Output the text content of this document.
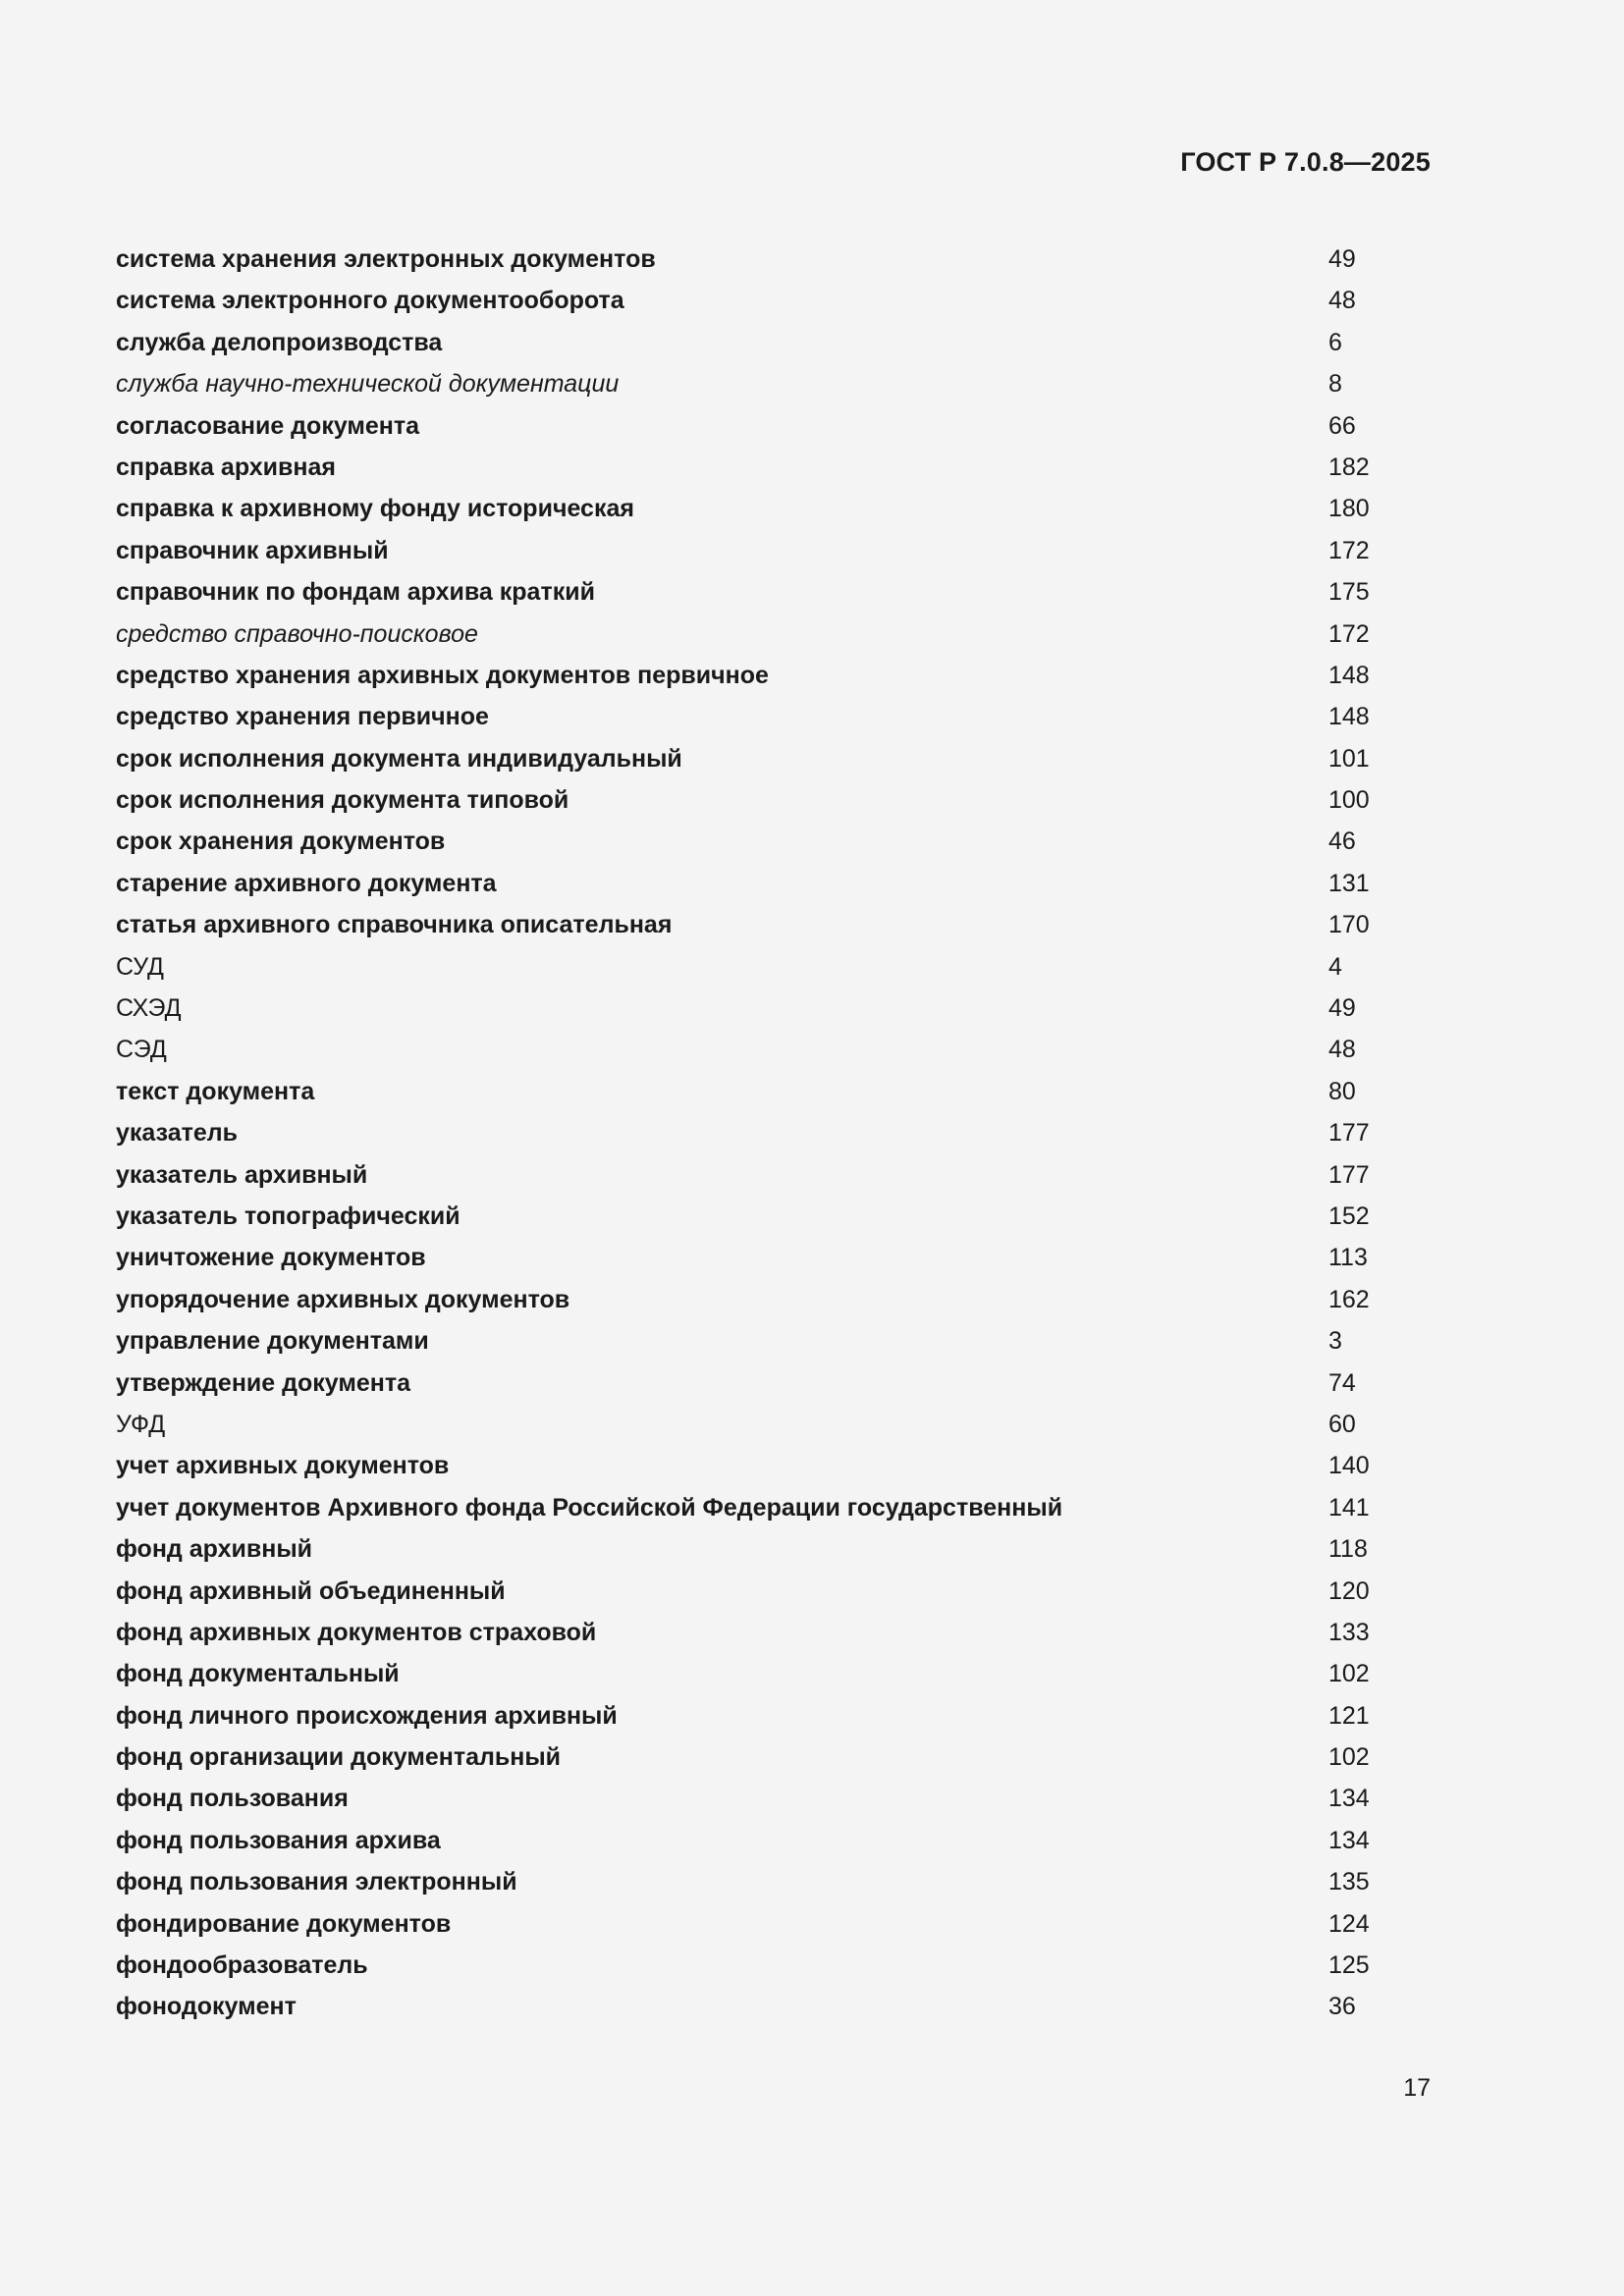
ГОСТ Р 7.0.8—2025
система хранения электронных документов	49
система электронного документооборота	48
служба делопроизводства	6
служба научно-технической документации	8
согласование документа	66
справка архивная	182
справка к архивному фонду историческая	180
справочник архивный	172
справочник по фондам архива краткий	175
средство справочно-поисковое	172
средство хранения архивных документов первичное	148
средство хранения первичное	148
срок исполнения документа индивидуальный	101
срок исполнения документа типовой	100
срок хранения документов	46
старение архивного документа	131
статья архивного справочника описательная	170
СУД	4
СХЭД	49
СЭД	48
текст документа	80
указатель	177
указатель архивный	177
указатель топографический	152
уничтожение документов	113
упорядочение архивных документов	162
управление документами	3
утверждение документа	74
УФД	60
учет архивных документов	140
учет документов Архивного фонда Российской Федерации государственный	141
фонд архивный	118
фонд архивный объединенный	120
фонд архивных документов страховой	133
фонд документальный	102
фонд личного происхождения архивный	121
фонд организации документальный	102
фонд пользования	134
фонд пользования архива	134
фонд пользования электронный	135
фондирование документов	124
фондообразователь	125
фонодокумент	36
17
